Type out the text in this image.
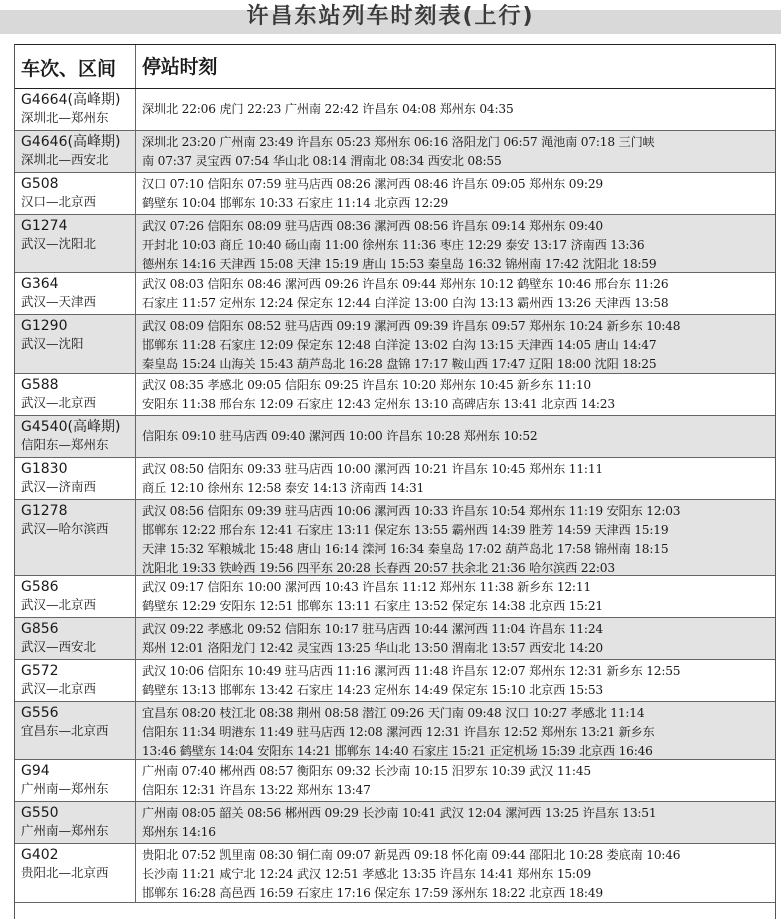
许昌东站列车时刻表(上行)
车次、区间	停站时刻
G4664(高峰期)
深圳北—郑州东
深圳北 22:06 虎门 22:23 广州南 22:42 许昌东 04:08 郑州东 04:35
G4646(高峰期)
深圳北—西安北
深圳北 23:20 广州南 23:49 许昌东 05:23 郑州东 06:16 洛阳龙门 06:57 渑池南 07:18 三门峡
南 07:37 灵宝西 07:54 华山北 08:14 渭南北 08:34 西安北 08:55
G508
汉口—北京西
汉口 07:10 信阳东 07:59 驻马店西 08:26 漯河西 08:46 许昌东 09:05 郑州东 09:29
鹤壁东 10:04 邯郸东 10:33 石家庄 11:14 北京西 12:29
G1274
武汉—沈阳北
武汉 07:26 信阳东 08:09 驻马店西 08:36 漯河西 08:56 许昌东 09:14 郑州东 09:40
开封北 10:03 商丘 10:40 砀山南 11:00 徐州东 11:36 枣庄 12:29 泰安 13:17 济南西 13:36
德州东 14:16 天津西 15:08 天津 15:19 唐山 15:53 秦皇岛 16:32 锦州南 17:42 沈阳北 18:59
G364
武汉—天津西
武汉 08:03 信阳东 08:46 漯河西 09:26 许昌东 09:44 郑州东 10:12 鹤壁东 10:46 邢台东 11:26
石家庄 11:57 定州东 12:24 保定东 12:44 白洋淀 13:00 白沟 13:13 霸州西 13:26 天津西 13:58
G1290
武汉—沈阳
武汉 08:09 信阳东 08:52 驻马店西 09:19 漯河西 09:39 许昌东 09:57 郑州东 10:24 新乡东 10:48
邯郸东 11:28 石家庄 12:09 保定东 12:48 白洋淀 13:02 白沟 13:15 天津西 14:05 唐山 14:47
秦皇岛 15:24 山海关 15:43 葫芦岛北 16:28 盘锦 17:17 鞍山西 17:47 辽阳 18:00 沈阳 18:25
G588
武汉—北京西
武汉 08:35 孝感北 09:05 信阳东 09:25 许昌东 10:20 郑州东 10:45 新乡东 11:10
安阳东 11:38 邢台东 12:09 石家庄 12:43 定州东 13:10 高碑店东 13:41 北京西 14:23
G4540(高峰期)
信阳东—郑州东
信阳东 09:10 驻马店西 09:40 漯河西 10:00 许昌东 10:28 郑州东 10:52
G1830
武汉—济南西
武汉 08:50 信阳东 09:33 驻马店西 10:00 漯河西 10:21 许昌东 10:45 郑州东 11:11
商丘 12:10 徐州东 12:58 泰安 14:13 济南西 14:31
G1278
武汉—哈尔滨西
武汉 08:56 信阳东 09:39 驻马店西 10:06 漯河西 10:33 许昌东 10:54 郑州东 11:19 安阳东 12:03
邯郸东 12:22 邢台东 12:41 石家庄 13:11 保定东 13:55 霸州西 14:39 胜芳 14:59 天津西 15:19
天津 15:32 军粮城北 15:48 唐山 16:14 滦河 16:34 秦皇岛 17:02 葫芦岛北 17:58 锦州南 18:15
沈阳北 19:33 铁岭西 19:56 四平东 20:28 长春西 20:57 扶余北 21:36 哈尔滨西 22:03
G586
武汉—北京西
武汉 09:17 信阳东 10:00 漯河西 10:43 许昌东 11:12 郑州东 11:38 新乡东 12:11
鹤壁东 12:29 安阳东 12:51 邯郸东 13:11 石家庄 13:52 保定东 14:38 北京西 15:21
G856
武汉—西安北
武汉 09:22 孝感北 09:52 信阳东 10:17 驻马店西 10:44 漯河西 11:04 许昌东 11:24
郑州 12:01 洛阳龙门 12:42 灵宝西 13:25 华山北 13:50 渭南北 13:57 西安北 14:20
G572
武汉—北京西
武汉 10:06 信阳东 10:49 驻马店西 11:16 漯河西 11:48 许昌东 12:07 郑州东 12:31 新乡东 12:55
鹤壁东 13:13 邯郸东 13:42 石家庄 14:23 定州东 14:49 保定东 15:10 北京西 15:53
G556
宜昌东—北京西
宜昌东 08:20 枝江北 08:38 荆州 08:58 潜江 09:26 天门南 09:48 汉口 10:27 孝感北 11:14
信阳东 11:34 明港东 11:49 驻马店西 12:08 漯河西 12:31 许昌东 12:52 郑州东 13:21 新乡东
13:46 鹤壁东 14:04 安阳东 14:21 邯郸东 14:40 石家庄 15:21 正定机场 15:39 北京西 16:46
G94
广州南—郑州东
广州南 07:40 郴州西 08:57 衡阳东 09:32 长沙南 10:15 汨罗东 10:39 武汉 11:45
信阳东 12:31 许昌东 13:22 郑州东 13:47
G550
广州南—郑州东
广州南 08:05 韶关 08:56 郴州西 09:29 长沙南 10:41 武汉 12:04 漯河西 13:25 许昌东 13:51
郑州东 14:16
G402
贵阳北—北京西
贵阳北 07:52 凯里南 08:30 铜仁南 09:07 新晃西 09:18 怀化南 09:44 邵阳北 10:28 娄底南 10:46
长沙南 11:21 咸宁北 12:24 武汉 12:51 孝感北 13:35 许昌东 14:41 郑州东 15:09
邯郸东 16:28 高邑西 16:59 石家庄 17:16 保定东 17:59 涿州东 18:22 北京西 18:49
